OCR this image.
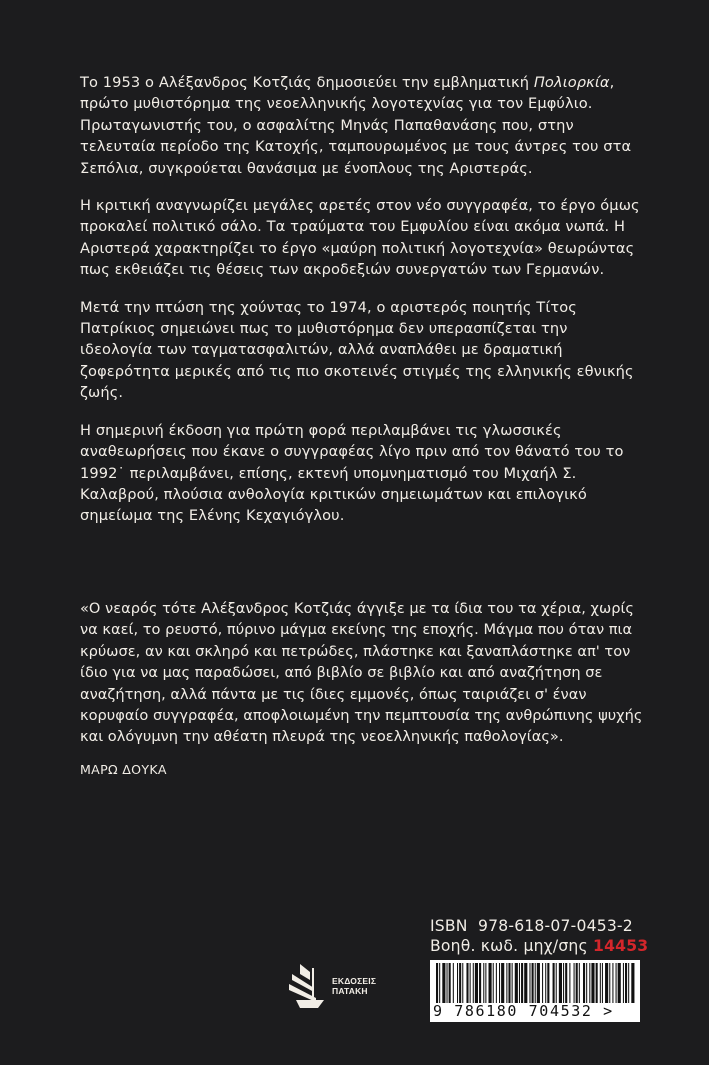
Το 1953 ο Αλέξανδρος Κοτζιάς δημοσιεύει την εμβληματική Πολιορκία, πρώτο μυθιστόρημα της νεοελληνικής λογοτεχνίας για τον Εμφύλιο. Πρωταγωνιστής του, ο ασφαλίτης Μηνάς Παπαθανάσης που, στην τελευταία περίοδο της Κατοχής, ταμπουρωμένος με τους άντρες του στα Σεπόλια, συγκρούεται θανάσιμα με ένοπλους της Αριστεράς.

Η κριτική αναγνωρίζει μεγάλες αρετές στον νέο συγγραφέα, το έργο όμως προκαλεί πολιτικό σάλο. Τα τραύματα του Εμφυλίου είναι ακόμα νωπά. Η Αριστερά χαρακτηρίζει το έργο «μαύρη πολιτική λογοτεχνία» θεωρώντας πως εκθειάζει τις θέσεις των ακροδεξιών συνεργατών των Γερμανών.

Μετά την πτώση της χούντας το 1974, ο αριστερός ποιητής Τίτος Πατρίκιος σημειώνει πως το μυθιστόρημα δεν υπερασπίζεται την ιδεολογία των ταγματασφαλιτών, αλλά αναπλάθει με δραματική ζοφερότητα μερικές από τις πιο σκοτεινές στιγμές της ελληνικής εθνικής ζωής.

Η σημερινή έκδοση για πρώτη φορά περιλαμβάνει τις γλωσσικές αναθεωρήσεις που έκανε ο συγγραφέας λίγο πριν από τον θάνατό του το 1992˙ περιλαμβάνει, επίσης, εκτενή υπομνηματισμό του Μιχαήλ Σ. Καλαβρού, πλούσια ανθολογία κριτικών σημειωμάτων και επιλογικό σημείωμα της Ελένης Κεχαγιόγλου.

«Ο νεαρός τότε Αλέξανδρος Κοτζιάς άγγιξε με τα ίδια του τα χέρια, χωρίς να καεί, το ρευστό, πύρινο μάγμα εκείνης της εποχής. Μάγμα που όταν πια κρύωσε, αν και σκληρό και πετρώδες, πλάστηκε και ξαναπλάστηκε απ' τον ίδιο για να μας παραδώσει, από βιβλίο σε βιβλίο και από αναζήτηση σε αναζήτηση, αλλά πάντα με τις ίδιες εμμονές, όπως ταιριάζει σ' έναν κορυφαίο συγγραφέα, αποφλοιωμένη την πεμπτουσία της ανθρώπινης ψυχής και ολόγυμνη την αθέατη πλευρά της νεοελληνικής παθολογίας».

ΜΑΡΩ ΔΟΥΚΑ
ΕΚΔΟΣΕΙΣ
ΠΑΤΑΚΗ
ISBN 978-618-07-0453-2
Βοηθ. κωδ. μηχ/σης 14453
9 786180 704532 >
